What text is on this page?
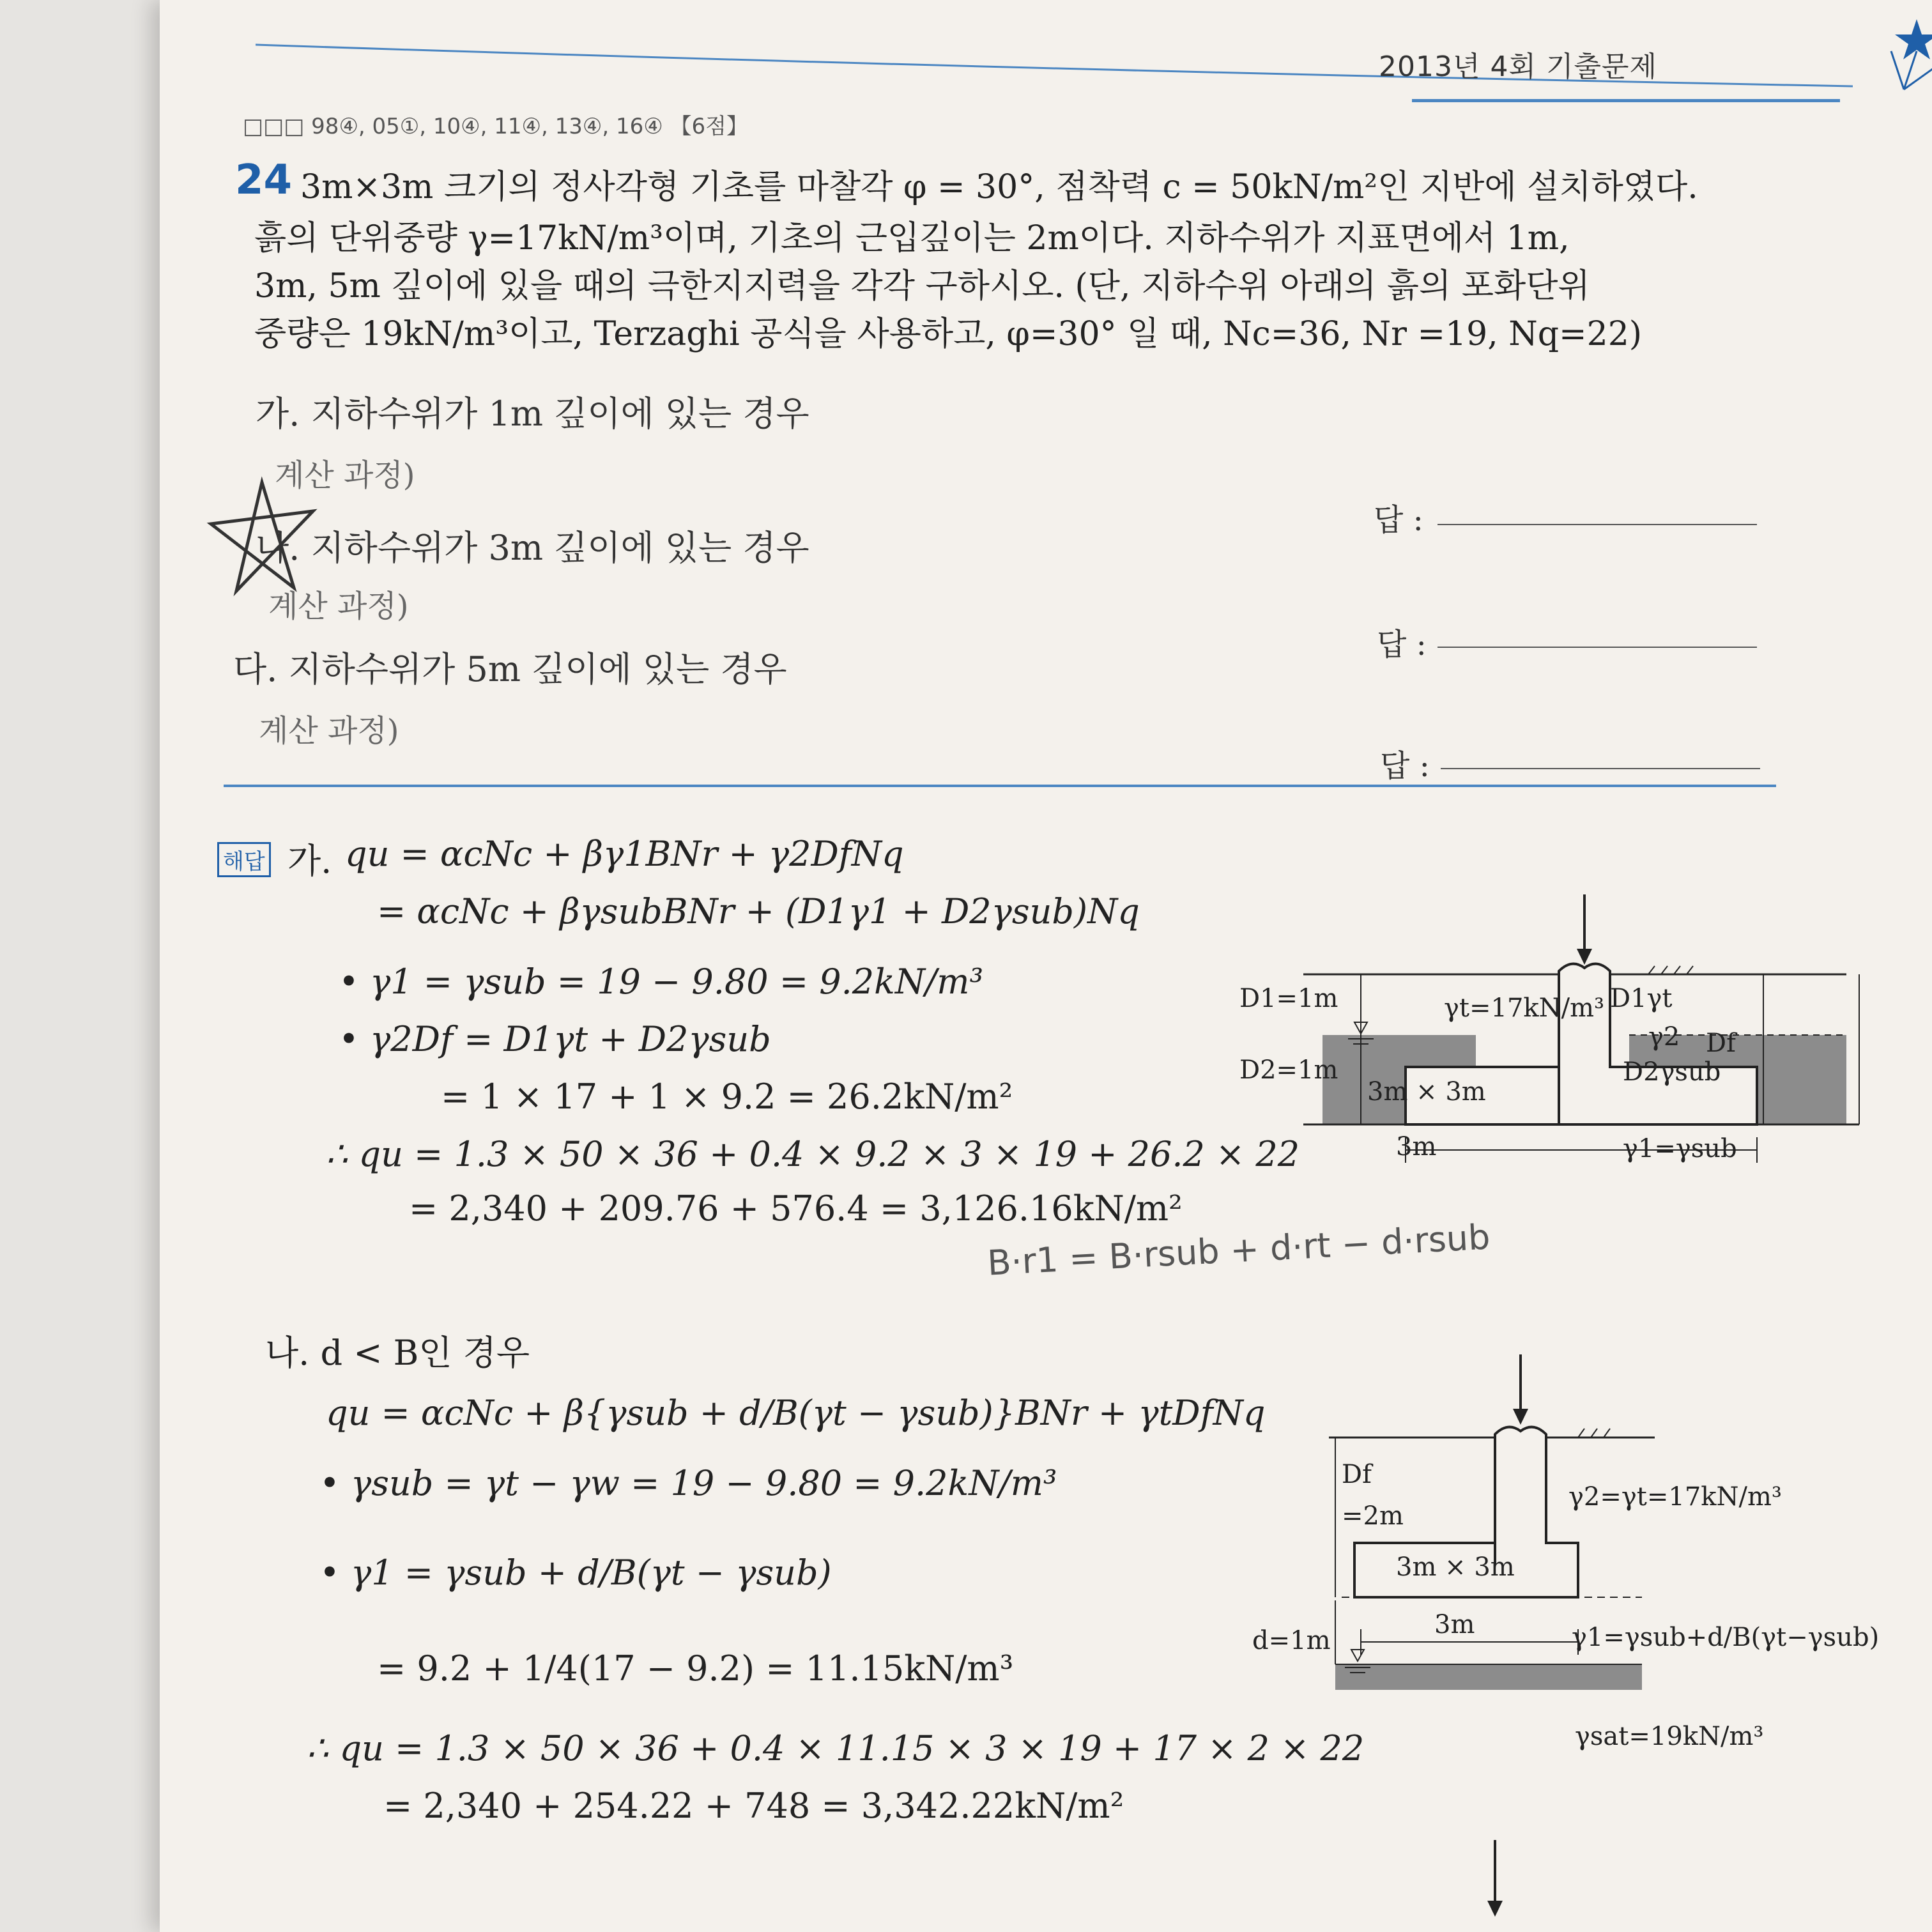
2013년 4회 기출문제
□□□ 98④, 05①, 10④, 11④, 13④, 16④ 【6점】
24 3m×3m 크기의 정사각형 기초를 마찰각 φ = 30°, 점착력 c = 50kN/m²인 지반에 설치하였다.
흙의 단위중량 γ=17kN/m³이며, 기초의 근입깊이는 2m이다. 지하수위가 지표면에서 1m,
3m, 5m 깊이에 있을 때의 극한지지력을 각각 구하시오. (단, 지하수위 아래의 흙의 포화단위
중량은 19kN/m³이고, Terzaghi 공식을 사용하고, φ=30° 일 때, Nc=36, Nr =19, Nq=22)
가. 지하수위가 1m 깊이에 있는 경우
계산 과정)
답 :
나. 지하수위가 3m 깊이에 있는 경우
계산 과정)
답 :
다. 지하수위가 5m 깊이에 있는 경우
계산 과정)
답 :
해답 가. qu = αcNc + βγ1BNr + γ2DfNq
= αcNc + βγsubBNr + (D1γ1 + D2γsub)Nq
• γ1 = γsub = 19 − 9.80 = 9.2kN/m³
• γ2Df = D1γt + D2γsub
= 1 × 17 + 1 × 9.2 = 26.2kN/m²
∴ qu = 1.3 × 50 × 36 + 0.4 × 9.2 × 3 × 19 + 26.2 × 22
= 2,340 + 209.76 + 576.4 = 3,126.16kN/m²
B·r1 = B·rsub + d·rt − d·rsub
D1=1m
D2=1m
γt=17kN/m³ D1γt
γ2 Df
D2γsub
3m × 3m
3m	γ1=γsub
나. d < B인 경우
qu = αcNc + β{γsub + d/B(γt − γsub)}BNr + γtDfNq
• γsub = γt − γw = 19 − 9.80 = 9.2kN/m³
• γ1 = γsub + d/B(γt − γsub)
= 9.2 + 1/4(17 − 9.2) = 11.15kN/m³
∴ qu = 1.3 × 50 × 36 + 0.4 × 11.15 × 3 × 19 + 17 × 2 × 22
= 2,340 + 254.22 + 748 = 3,342.22kN/m²
Df
=2m
γ2=γt=17kN/m³
3m × 3m
3m
d=1m	γ1=γsub+d/B(γt−γsub)
γsat=19kN/m³
